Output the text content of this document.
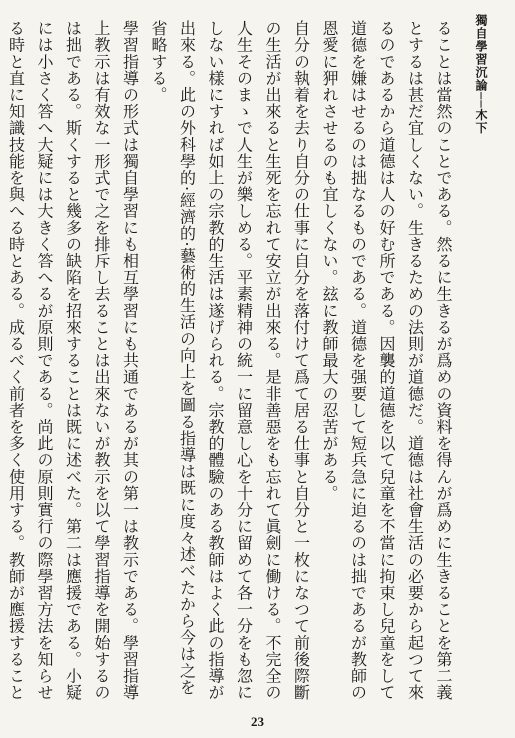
獨自學習沉論──木下

ることは當然のことである。然るに生きるが爲めの資料を得んが爲めに生きることを第二義とするは甚だ宜しくない。生きるための法則が道德だ。道德は社會生活の必要から起つて來るのであるから道德は人の好む所である。因襲的道德を以て兒童を不當に拘束し兒童をして道德を嫌はせるのは拙なるものである。道德を强要して短兵急に迫るのは拙であるが教師の恩愛に狎れさせるのも宜しくない。玆に教師最大の忍苦がある。

自分の執着を去り自分の仕事に自分を落付けて爲て居る仕事と自分と一枚になつて前後際斷の生活が出來ると生死を忘れて安立が出來る。是非善惡をも忘れて眞劍に働ける。不完全の人生そのまゝで人生が樂しめる。平素精神の統一に留意し心を十分に留めて各一分をも忽にしない樣にすれば如上の宗教的生活は遂げられる。宗教的體驗のある教師はよく此の指導が出來る。此の外科學的·經濟的·藝術的生活の向上を圖る指導は既に度々述べたから今は之を省略する。

學習指導の形式は獨自學習にも相互學習にも共通であるが其の第一は教示である。學習指導上教示は有效な一形式で之を排斥し去ることは出來ないが教示を以て學習指導を開始するのは拙である。斯くすると幾多の缺陷を招來することは既に述べた。第二は應援である。小疑には小さく答へ大疑には大きく答へるが原則である。尚此の原則實行の際學習方法を知らせる時と直に知識技能を與へる時とある。成るべく前者を多く使用する。教師が應援すること

23
